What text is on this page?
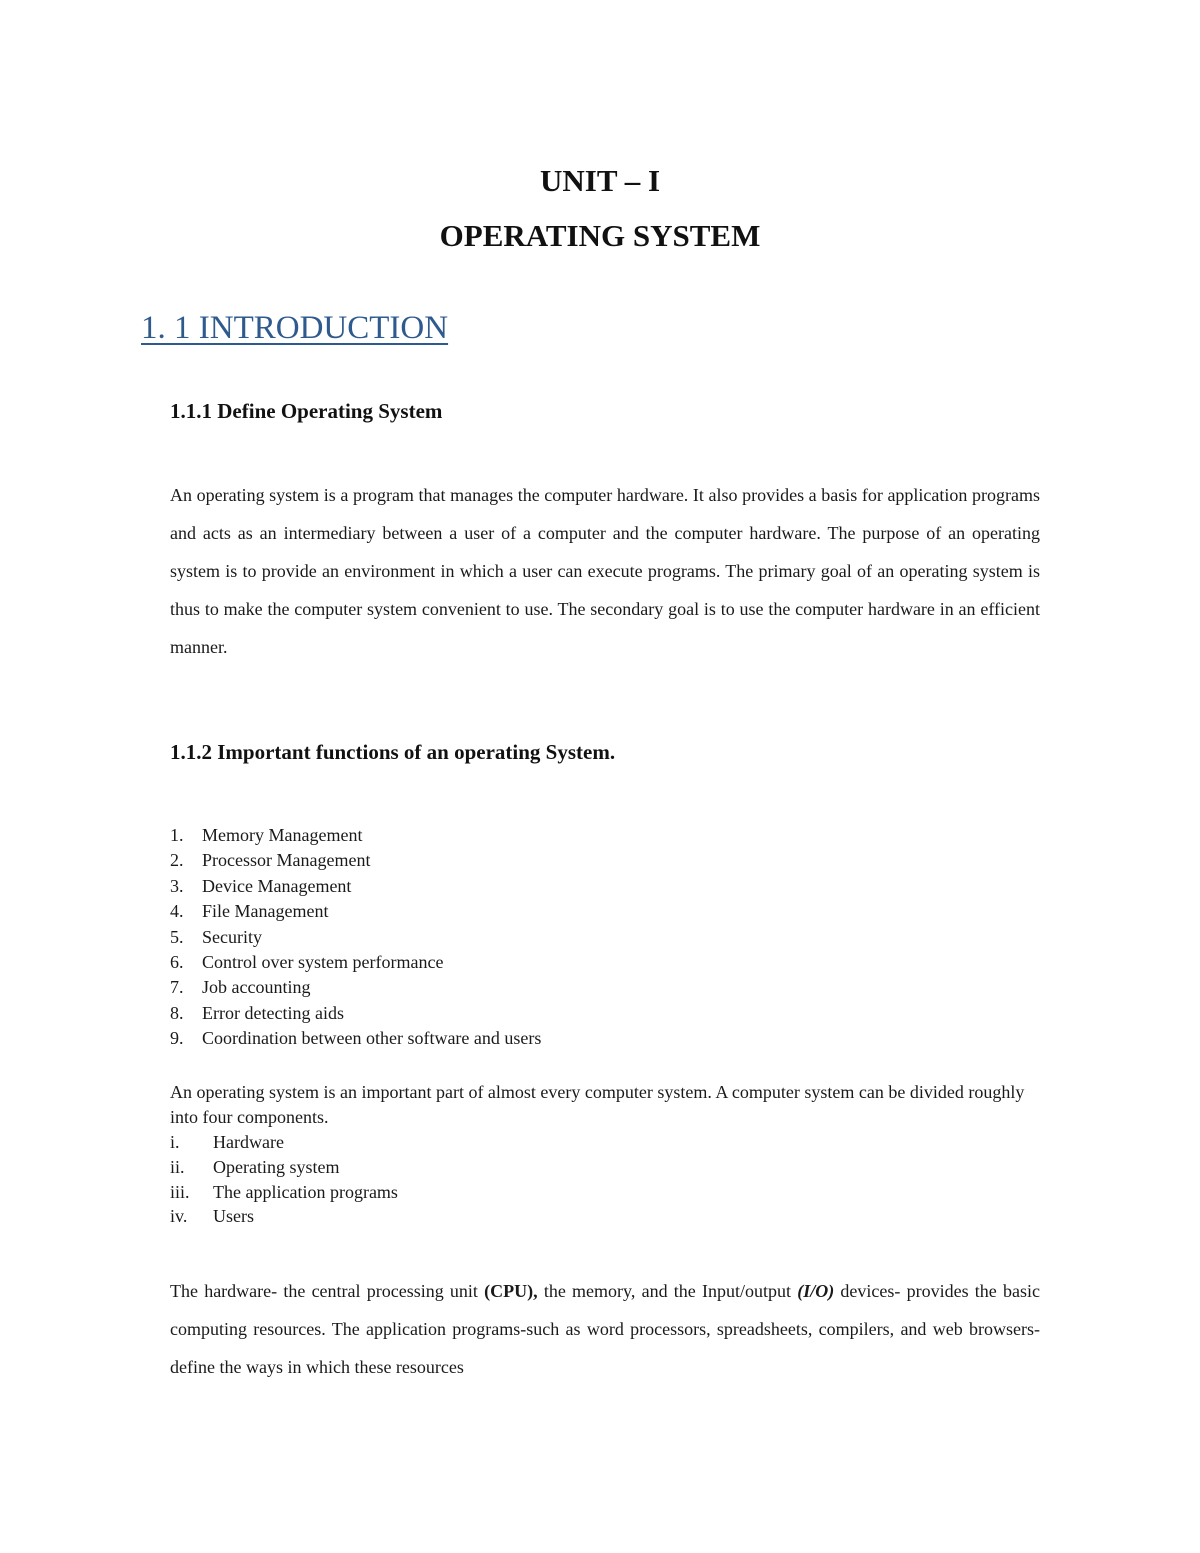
UNIT – I
OPERATING SYSTEM
1. 1 INTRODUCTION
1.1.1 Define Operating System

An operating system is a program that manages the computer hardware. It also provides a basis for application programs and acts as an intermediary between a user of a computer and the computer hardware. The purpose of an operating system is to provide an environment in which a user can execute programs. The primary goal of an operating system is thus to make the computer system convenient to use. The secondary goal is to use the computer hardware in an efficient manner.

1.1.2 Important functions of an operating System.
1. Memory Management
2. Processor Management
3. Device Management
4. File Management
5. Security
6. Control over system performance
7. Job accounting
8. Error detecting aids
9. Coordination between other software and users

An operating system is an important part of almost every computer system. A computer system can be divided roughly into four components.

i. Hardware
ii. Operating system
iii. The application programs
iv. Users

The hardware- the central processing unit (CPU), the memory, and the Input/output (I/O) devices- provides the basic computing resources. The application programs-such as word processors, spreadsheets, compilers, and web browsers-define the ways in which these resources
